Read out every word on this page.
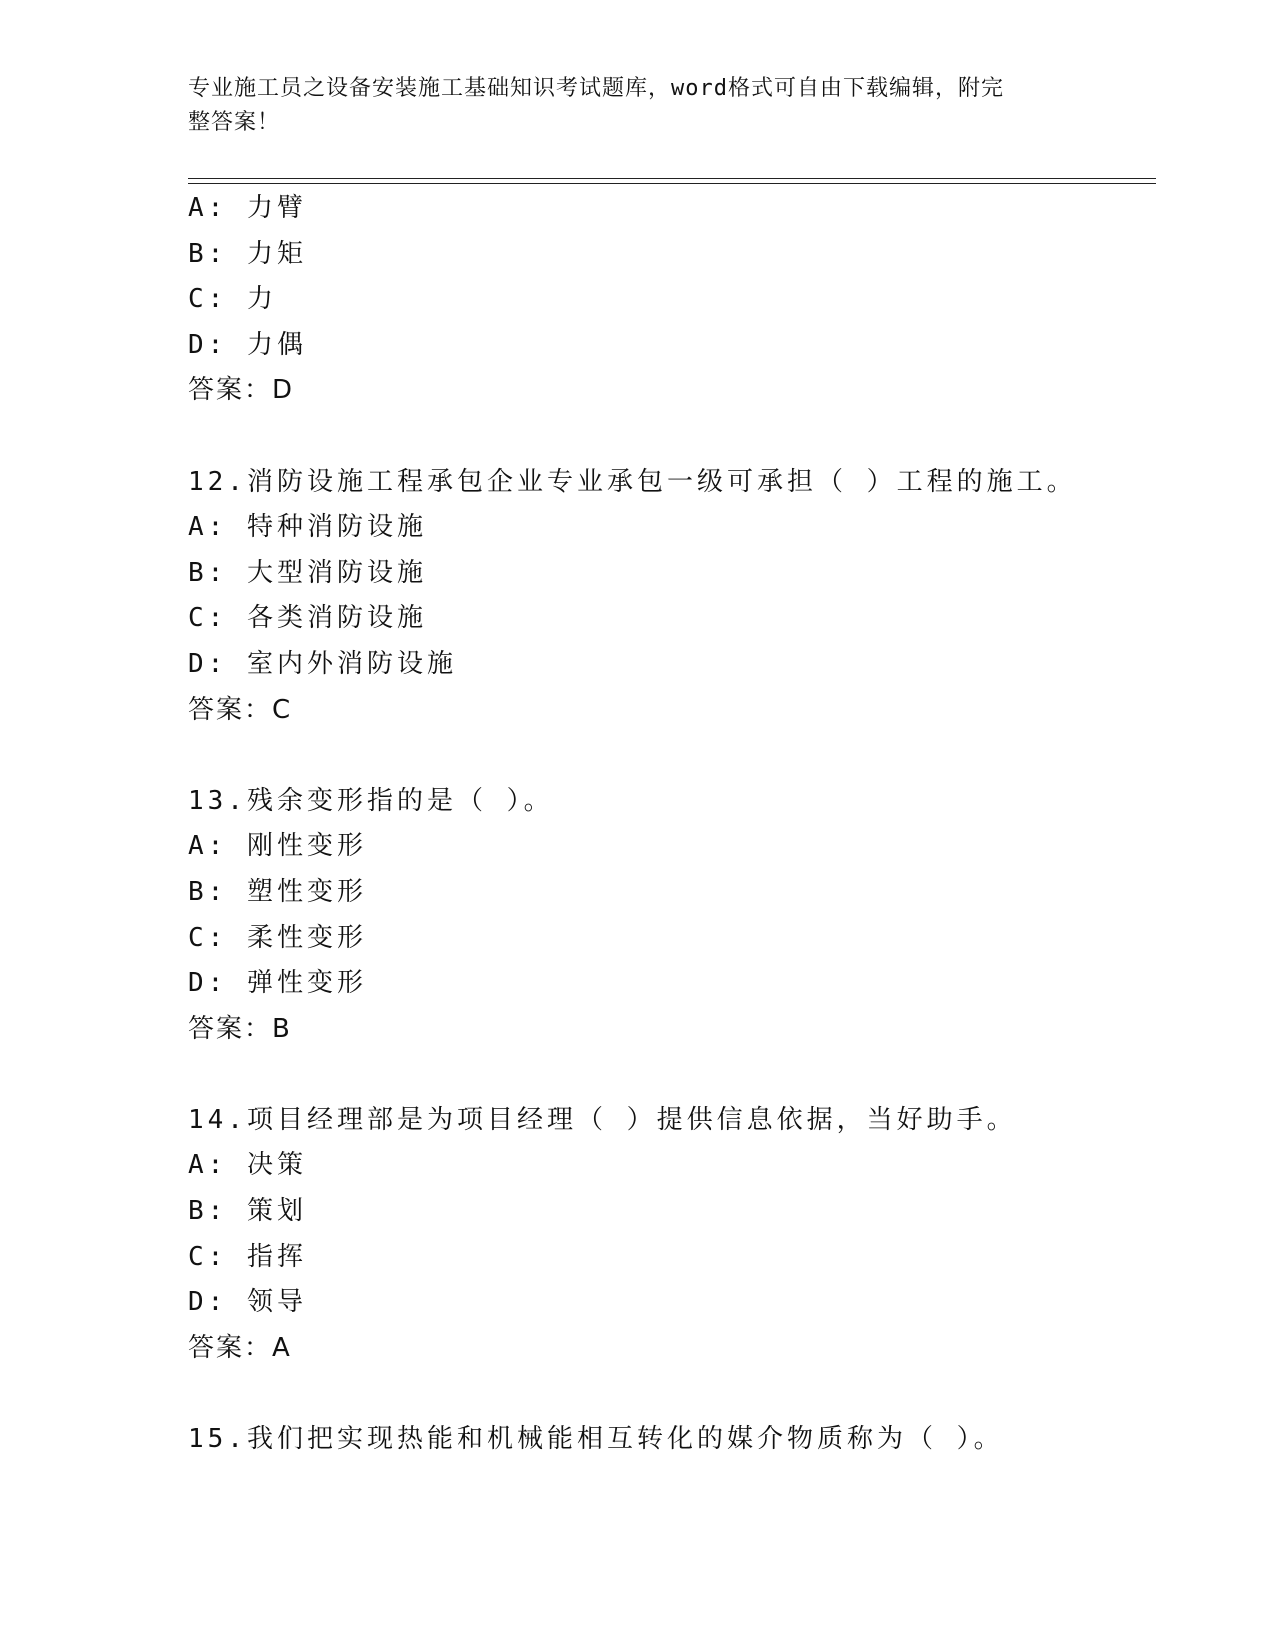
专业施工员之设备安装施工基础知识考试题库，word格式可自由下载编辑，附完
整答案！
A: 力臂
B: 力矩
C: 力
D: 力偶
答案：D
12.消防设施工程承包企业专业承包一级可承担（ ）工程的施工。
A: 特种消防设施
B: 大型消防设施
C: 各类消防设施
D: 室内外消防设施
答案：C
13.残余变形指的是（ ）。
A: 刚性变形
B: 塑性变形
C: 柔性变形
D: 弹性变形
答案：B
14.项目经理部是为项目经理（ ）提供信息依据，当好助手。
A: 决策
B: 策划
C: 指挥
D: 领导
答案：A
15.我们把实现热能和机械能相互转化的媒介物质称为（ ）。
